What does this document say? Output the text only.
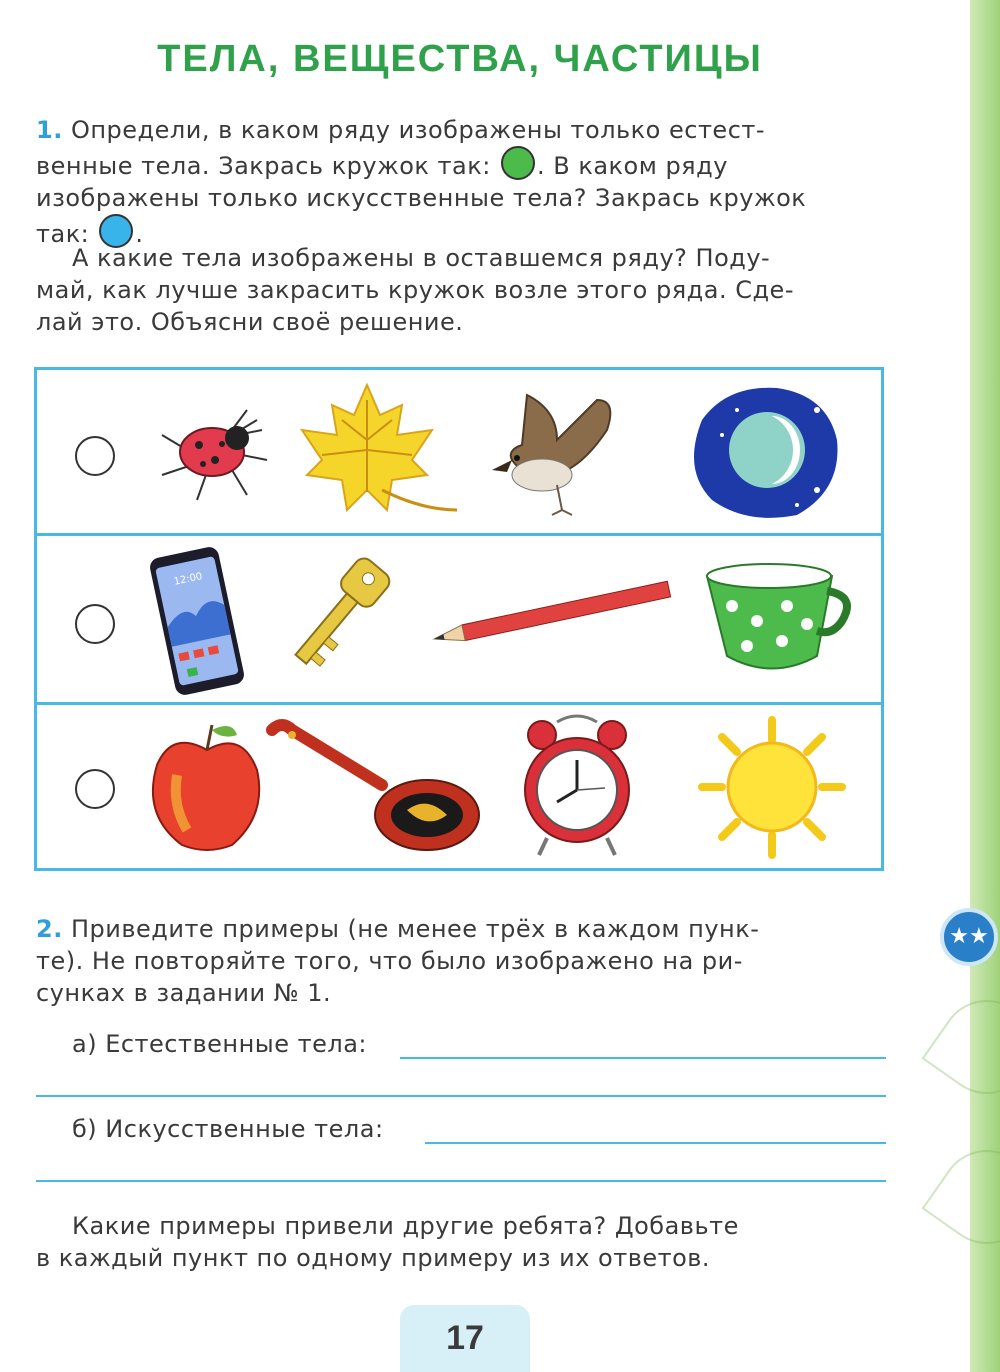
ТЕЛА, ВЕЩЕСТВА, ЧАСТИЦЫ
1. Определи, в каком ряду изображены только естест-
венные тела. Закрась кружок так: . В каком ряду
изображены только искусственные тела? Закрась кружок
так: .
А какие тела изображены в оставшемся ряду? Поду-
май, как лучше закрасить кружок возле этого ряда. Сде-
лай это. Объясни своё решение.
12:00
2. Приведите примеры (не менее трёх в каждом пунк-
те). Не повторяйте того, что было изображено на ри-
сунках в задании № 1.
а) Естественные тела:
б) Искусственные тела:
Какие примеры привели другие ребята? Добавьте
в каждый пункт по одному примеру из их ответов.
17
★★
